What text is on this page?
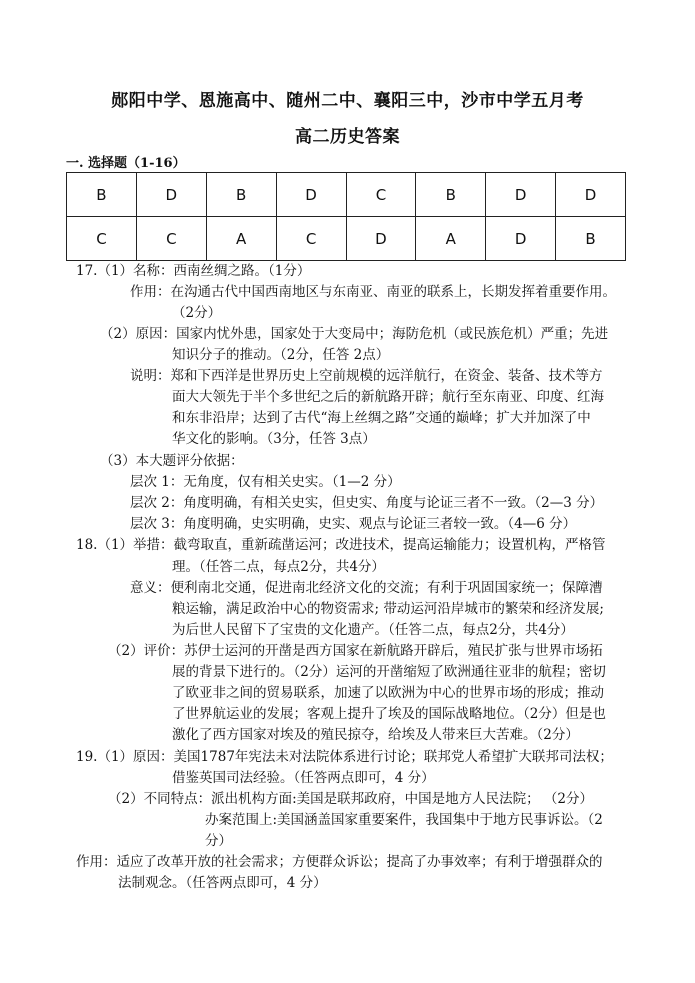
郧阳中学、恩施高中、随州二中、襄阳三中，沙市中学五月考
高二历史答案
一. 选择题（1-16）
B	D	B	D	C	B	D	D
C	C	A	C	D	A	D	B
17.（1）名称：西南丝绸之路。（1分）
作用：在沟通古代中国西南地区与东南亚、南亚的联系上，长期发挥着重要作用。
（2分）
（2）原因：国家内忧外患，国家处于大变局中；海防危机（或民族危机）严重；先进
知识分子的推动。（2分，任答 2点）
说明：郑和下西洋是世界历史上空前规模的远洋航行，在资金、装备、技术等方
面大大领先于半个多世纪之后的新航路开辟；航行至东南亚、印度、红海
和东非沿岸；达到了古代“海上丝绸之路”交通的巅峰；扩大并加深了中
华文化的影响。（3分，任答 3点）
（3）本大题评分依据：
层次 1：无角度，仅有相关史实。（1—2 分）
层次 2：角度明确，有相关史实，但史实、角度与论证三者不一致。（2—3 分）
层次 3：角度明确，史实明确，史实、观点与论证三者较一致。（4—6 分）
18.（1）举措：截弯取直，重新疏凿运河；改进技术，提高运输能力；设置机构，严格管
理。（任答二点，每点2分，共4分）
意义：便利南北交通，促进南北经济文化的交流；有利于巩固国家统一；保障漕
粮运输，满足政治中心的物资需求; 带动运河沿岸城市的繁荣和经济发展;
为后世人民留下了宝贵的文化遗产。（任答二点，每点2分，共4分）
（2）评价：苏伊士运河的开凿是西方国家在新航路开辟后，殖民扩张与世界市场拓
展的背景下进行的。（2分）运河的开凿缩短了欧洲通往亚非的航程；密切
了欧亚非之间的贸易联系，加速了以欧洲为中心的世界市场的形成；推动
了世界航运业的发展；客观上提升了埃及的国际战略地位。（2分）但是也
激化了西方国家对埃及的殖民掠夺，给埃及人带来巨大苦难。（2分）
19.（1）原因：美国1787年宪法未对法院体系进行讨论；联邦党人希望扩大联邦司法权；
借鉴英国司法经验。（任答两点即可，4 分）
（2）不同特点：派出机构方面:美国是联邦政府，中国是地方人民法院； （2分）
办案范围上:美国涵盖国家重要案件，我国集中于地方民事诉讼。（2
分）
作用：适应了改革开放的社会需求；方便群众诉讼；提高了办事效率；有利于增强群众的
法制观念。（任答两点即可，4 分）
